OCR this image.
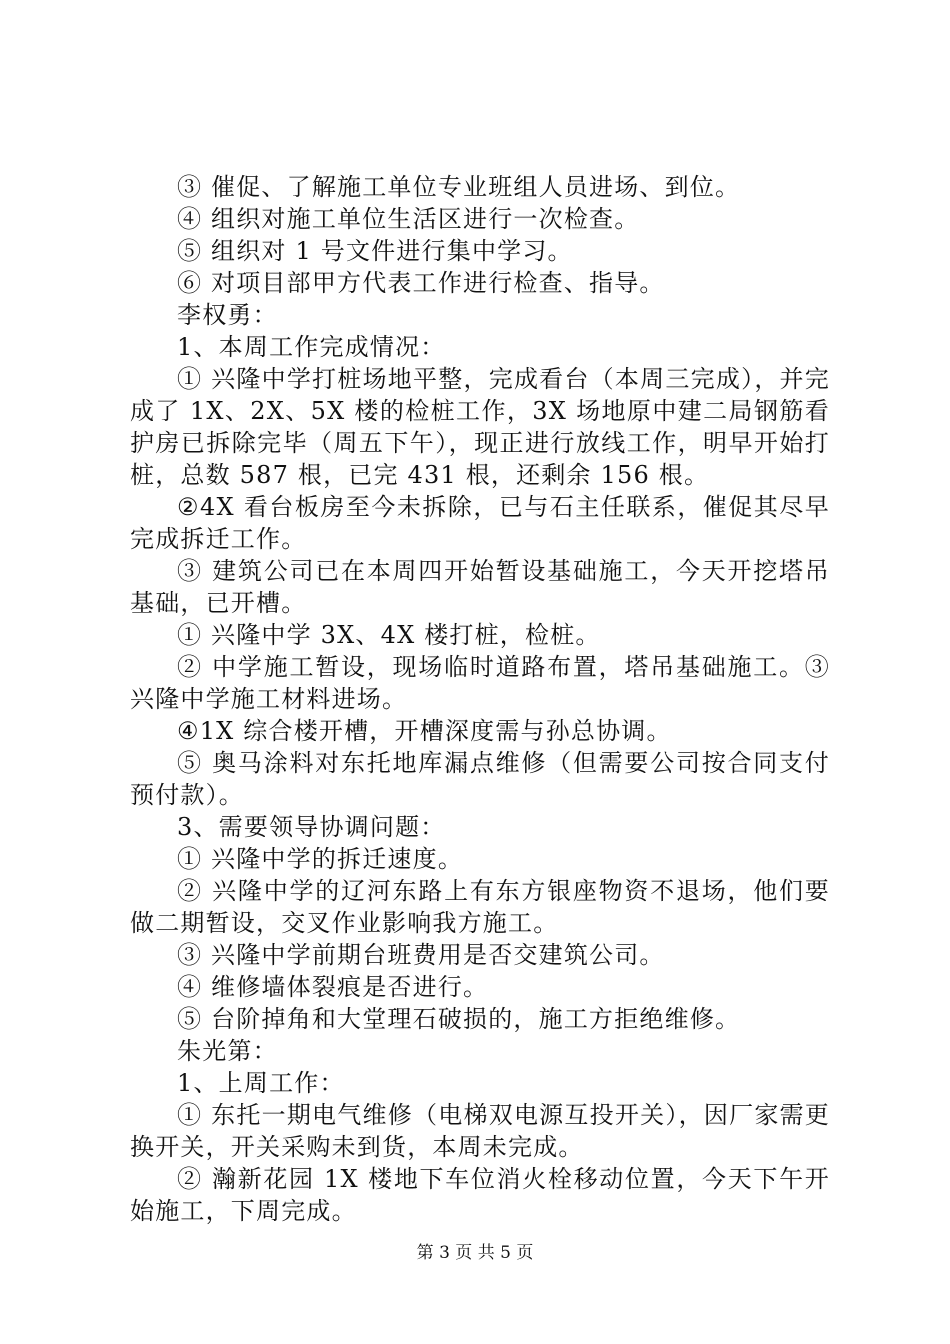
③ 催促、了解施工单位专业班组人员进场、到位。

④ 组织对施工单位生活区进行一次检查。

⑤ 组织对 1 号文件进行集中学习。

⑥ 对项目部甲方代表工作进行检查、指导。

李权勇：

1、本周工作完成情况：

① 兴隆中学打桩场地平整，完成看台（本周三完成），并完成了 1X、2X、5X 楼的检桩工作，3X 场地原中建二局钢筋看护房已拆除完毕（周五下午），现正进行放线工作，明早开始打桩，总数 587 根，已完 431 根，还剩余 156 根。

②4X 看台板房至今未拆除，已与石主任联系，催促其尽早完成拆迁工作。

③ 建筑公司已在本周四开始暂设基础施工，今天开挖塔吊基础，已开槽。

① 兴隆中学 3X、4X 楼打桩，检桩。

② 中学施工暂设，现场临时道路布置，塔吊基础施工。③兴隆中学施工材料进场。

④1X 综合楼开槽，开槽深度需与孙总协调。

⑤ 奥马涂料对东托地库漏点维修（但需要公司按合同支付预付款）。

3、需要领导协调问题：

① 兴隆中学的拆迁速度。

② 兴隆中学的辽河东路上有东方银座物资不退场，他们要做二期暂设，交叉作业影响我方施工。

③ 兴隆中学前期台班费用是否交建筑公司。

④ 维修墙体裂痕是否进行。

⑤ 台阶掉角和大堂理石破损的，施工方拒绝维修。

朱光第：

1、上周工作：

① 东托一期电气维修（电梯双电源互投开关），因厂家需更换开关，开关采购未到货，本周未完成。

② 瀚新花园 1X 楼地下车位消火栓移动位置，今天下午开始施工，下周完成。

第 3 页 共 5 页
